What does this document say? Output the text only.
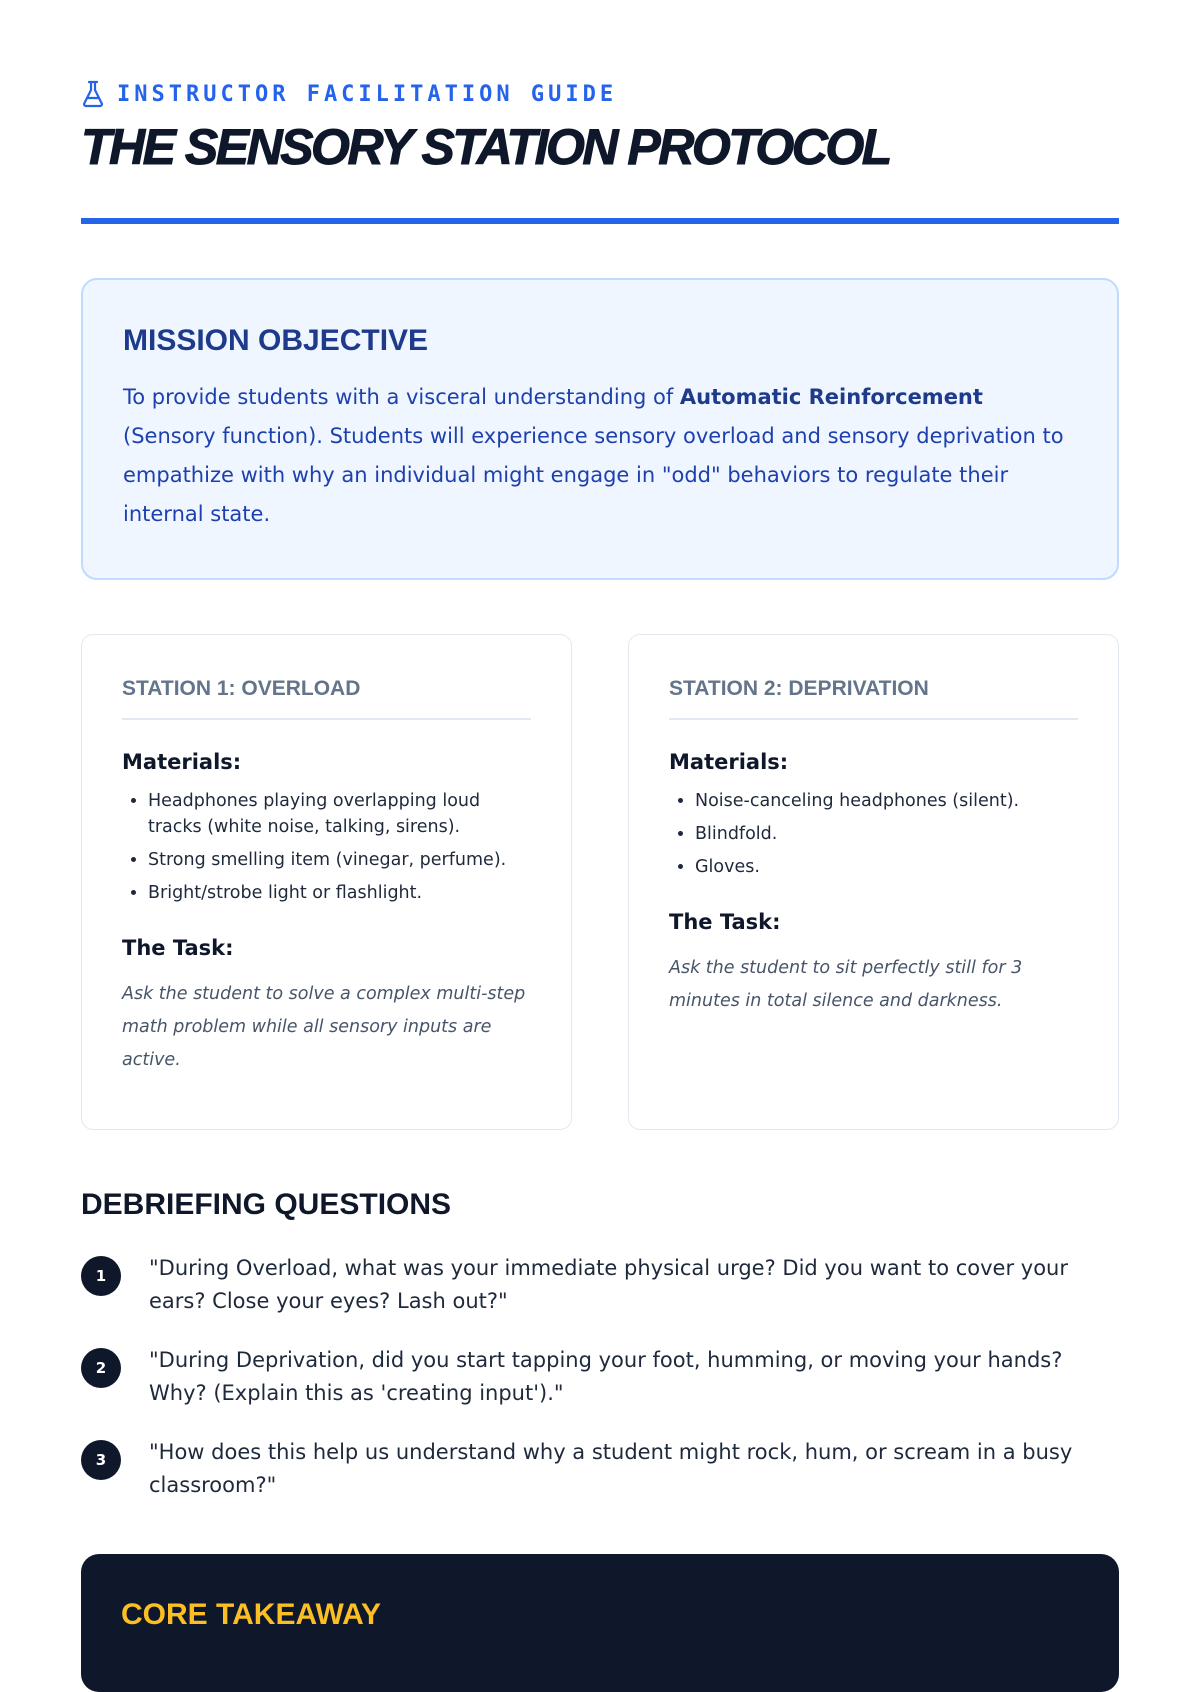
INSTRUCTOR FACILITATION GUIDE
THE SENSORY STATION PROTOCOL
MISSION OBJECTIVE

To provide students with a visceral understanding of Automatic Reinforcement (Sensory function). Students will experience sensory overload and sensory deprivation to empathize with why an individual might engage in "odd" behaviors to regulate their internal state.

STATION 1: OVERLOAD
Materials:
• Headphones playing overlapping loud tracks (white noise, talking, sirens).
• Strong smelling item (vinegar, perfume).
• Bright/strobe light or flashlight.
The Task:

Ask the student to solve a complex multi-step math problem while all sensory inputs are active.

STATION 2: DEPRIVATION
Materials:
• Noise-canceling headphones (silent).
• Blindfold.
• Gloves.
The Task:

Ask the student to sit perfectly still for 3 minutes in total silence and darkness.

DEBRIEFING QUESTIONS
1	"During Overload, what was your immediate physical urge? Did you want to cover your ears? Close your eyes? Lash out?"

2	"During Deprivation, did you start tapping your foot, humming, or moving your hands? Why? (Explain this as 'creating input')."

3	"How does this help us understand why a student might rock, hum, or scream in a busy classroom?"

CORE TAKEAWAY
